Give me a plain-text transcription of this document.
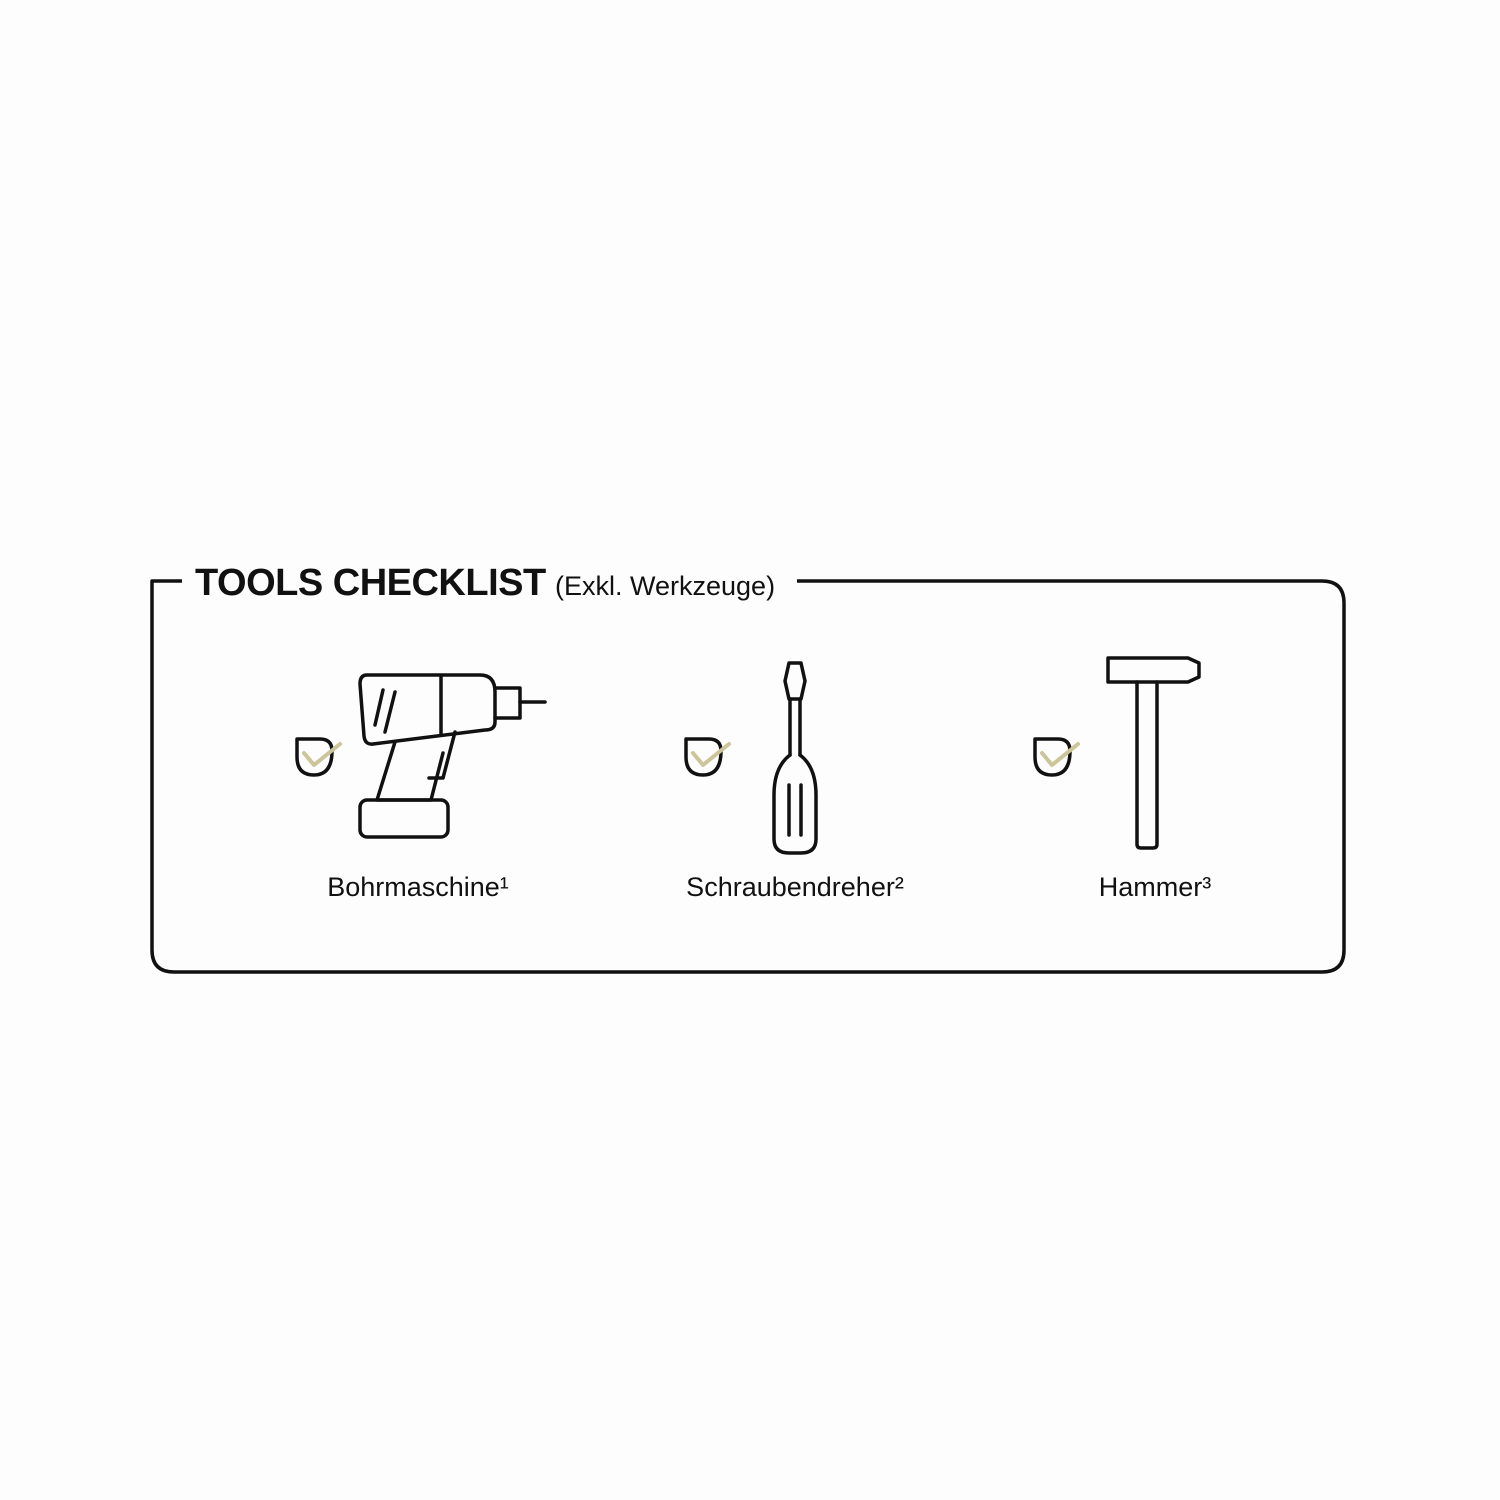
TOOLS CHECKLIST (Exkl. Werkzeuge)
Bohrmaschine¹	Schraubendreher²	Hammer³
